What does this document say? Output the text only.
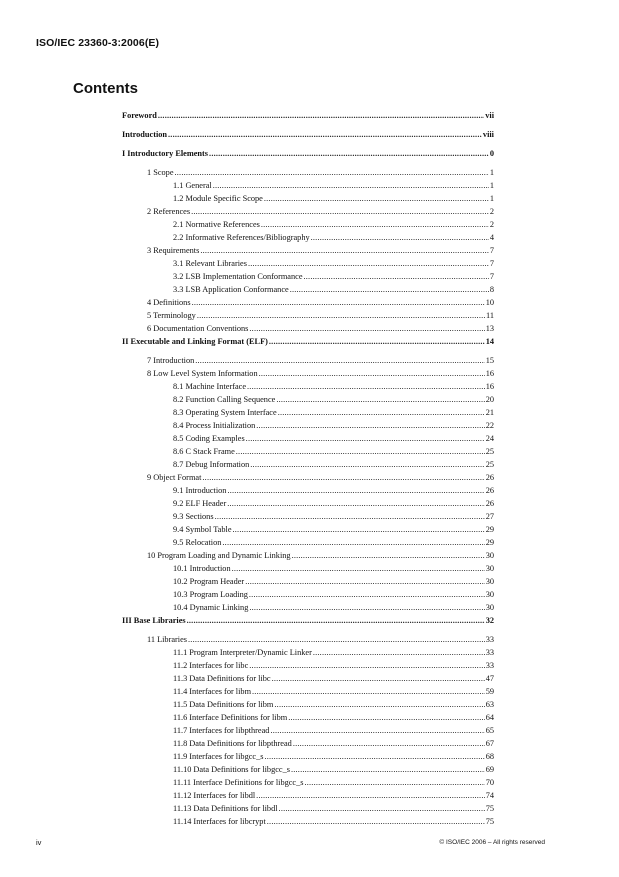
ISO/IEC 23360-3:2006(E)
Contents
Foreword .....	vii
Introduction .....	viii
I Introductory Elements .....	0
1 Scope .....	1
1.1 General .....	1
1.2 Module Specific Scope .....	1
2 References .....	2
2.1 Normative References .....	2
2.2 Informative References/Bibliography .....	4
3 Requirements .....	7
3.1 Relevant Libraries .....	7
3.2 LSB Implementation Conformance .....	7
3.3 LSB Application Conformance .....	8
4 Definitions .....	10
5 Terminology .....	11
6 Documentation Conventions .....	13
II Executable and Linking Format (ELF) .....	14
7 Introduction .....	15
8 Low Level System Information .....	16
8.1 Machine Interface .....	16
8.2 Function Calling Sequence .....	20
8.3 Operating System Interface .....	21
8.4 Process Initialization .....	22
8.5 Coding Examples .....	24
8.6 C Stack Frame .....	25
8.7 Debug Information .....	25
9 Object Format .....	26
9.1 Introduction .....	26
9.2 ELF Header .....	26
9.3 Sections .....	27
9.4 Symbol Table .....	29
9.5 Relocation .....	29
10 Program Loading and Dynamic Linking .....	30
10.1 Introduction .....	30
10.2 Program Header .....	30
10.3 Program Loading .....	30
10.4 Dynamic Linking .....	30
III Base Libraries .....	32
11 Libraries .....	33
11.1 Program Interpreter/Dynamic Linker .....	33
11.2 Interfaces for libc .....	33
11.3 Data Definitions for libc .....	47
11.4 Interfaces for libm .....	59
11.5 Data Definitions for libm .....	63
11.6 Interface Definitions for libm .....	64
11.7 Interfaces for libpthread .....	65
11.8 Data Definitions for libpthread .....	67
11.9 Interfaces for libgcc_s .....	68
11.10 Data Definitions for libgcc_s .....	69
11.11 Interface Definitions for libgcc_s .....	70
11.12 Interfaces for libdl .....	74
11.13 Data Definitions for libdl .....	75
11.14 Interfaces for libcrypt .....	75
iv	© ISO/IEC 2006 – All rights reserved
